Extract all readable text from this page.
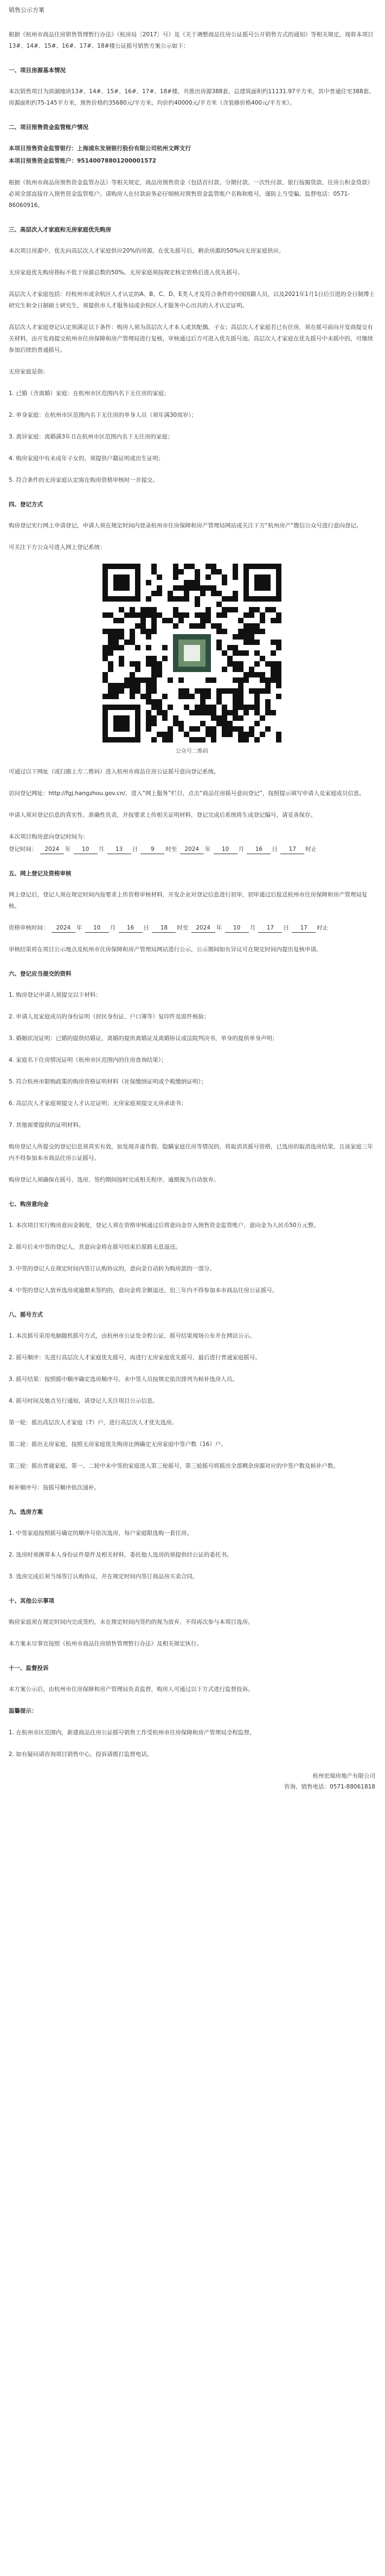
销售公示方案

根据《杭州市商品住房销售管理暂行办法》（杭房局〔2017〕号）及《关于调整商品住房公证摇号公开销售方式的通知》等相关规定，现将本项目13#、14#、15#、16#、17#、18#楼公证摇号销售方案公示如下：

一、项目房源基本情况

本次销售项目为滨湖地块13#、14#、15#、16#、17#、18#楼，共推出房源388套，总建筑面积约11131.97平方米，其中普通住宅388套。房源面积约75-145平方米，预售价格约35680元/平方米，均价约40000元/平方米（含装修价格400元/平方米）。

二、项目预售资金监管账户情况

本项目预售资金监管银行：上海浦东发展银行股份有限公司杭州文晖支行

本项目预售资金监管账户：95140078801200001572

根据《杭州市商品房预售资金监管办法》等相关规定，商品房预售资金（包括首付款、分期付款、一次性付款、银行按揭贷款、住房公积金贷款）必须全部直接存入预售资金监管账户。请购房人在付款前务必仔细核对预售资金监管账户名称和账号，谨防上当受骗。监督电话：0571-86060916。

三、高层次人才家庭和无房家庭优先购房

本次项目房源中，优先向高层次人才家庭供应20%的房源，在优先摇号后，剩余房源的50%向无房家庭供应。

无房家庭优先购房指标不低于房源总数的50%。无房家庭须按规定核定资格后进入优先摇号。

高层次人才家庭包括：经杭州市或余杭区人才认定的A、B、C、D、E类人才及符合条件的中国国籍人员，以及2021年1月1日后引进的全日制博士研究生和全日制硕士研究生，须提供市人才服务局或余杭区人才服务中心出具的人才认定证明。

高层次人才家庭登记认定须满足以下条件：购房人须为高层次人才本人或其配偶、子女；高层次人才家庭若已有住房，须在摇号前向开发商提交有关材料，由开发商提交杭州市住房保障和房产管理局进行复核，审核通过后方可进入优先摇号池。高层次人才家庭在优先摇号中未摇中的，可继续参加后续的普通摇号。

无房家庭是指：

1. 已婚（含离婚）家庭：在杭州市区范围内名下无住房的家庭；

2. 单身家庭：在杭州市区范围内名下无住房的单身人员（须年满30周岁）；

3. 离异家庭：离婚满3年且在杭州市区范围内名下无住房的家庭；

4. 购房家庭中有未成年子女的，须提供户籍证明或出生证明；

5. 符合条件的无房家庭认定需在购房资格审核时一并提交。

四、登记方式

购房登记实行网上申请登记，申请人须在规定时间内登录杭州市住房保障和房产管理局网站或关注下方“杭州房产”微信公众号进行意向登记。

可关注下方公众号进入网上登记系统：

公众号二维码

可通过以下网址（或扫描上方二维码）进入杭州市商品住房公证摇号意向登记系统。

访问登记网址：http://fgj.hangzhou.gov.cn/，进入“网上服务”栏目，点击“商品住房摇号意向登记”，按照提示填写申请人及家庭成员信息。

申请人须对登记信息的真实性、准确性负责，并按要求上传相关证明材料，登记完成后系统将生成登记编号，请妥善保存。

本次项目购房意向登记时间为：

登记时间： 2024 年 10 月 13 日 9 时至 2024 年 10 月 16 日 17 时止

五、网上登记及资格审核

网上登记后，登记人须在规定时间内按要求上传资格审核材料，开发企业对登记信息进行初审，初审通过后报送杭州市住房保障和房产管理局复核。

资格审核时间： 2024 年 10 月 16 日 18 时至 2024 年 10 月 17 日 17 时止

审核结果将在项目公示地点及杭州市住房保障和房产管理局网站进行公示，公示期间如有异议可在规定时间内提出复核申请。

六、登记应当提交的资料

1. 购房登记申请人须提交以下材料：

2. 申请人及家庭成员的身份证明（居民身份证、户口簿等）复印件及原件核验；

3. 婚姻状况证明：已婚的提供结婚证，离婚的提供离婚证及离婚协议或法院判决书，单身的提供单身声明；

4. 家庭名下住房情况证明（杭州市区范围内的住房查询结果）；

5. 符合杭州市限购政策的购房资格证明材料（社保缴纳证明或个税缴纳证明）；

6. 高层次人才家庭须提交人才认定证明；无房家庭须提交无房承诺书；

7. 其他需要提供的证明材料。

购房登记人所提交的登记信息须真实有效，如发现弄虚作假、隐瞒家庭住房等情况的，将取消其摇号资格，已选房的取消选房结果，且该家庭三年内不得参加本市商品住房公证摇号。

购房登记人须确保在摇号、选房、签约期间按时完成相关程序，逾期视为自动放弃。

七、购房意向金

1. 本次项目实行购房意向金制度，登记人须在资格审核通过后将意向金存入预售资金监管账户，意向金为人民币50万元整。

2. 摇号后未中签的登记人，其意向金将在摇号结束后原路无息退还。

3. 中签的登记人在规定时间内签订认购协议的，意向金自动转为购房款的一部分。

4. 中签的登记人放弃选房或逾期未签约的，意向金将全额退还，但三年内不得参加本市商品住房公证摇号。

八、摇号方式

1. 本次摇号采用电脑随机摇号方式，由杭州市公证处全程公证，摇号结果现场公布并在网站公示。

2. 摇号顺序：先进行高层次人才家庭优先摇号，再进行无房家庭优先摇号，最后进行普通家庭摇号。

3. 摇号结果：按照摇中顺序确定选房顺序号，未中签人员按规定依次排列为候补选房人员。

4. 摇号时间及地点另行通知，请登记人关注项目公示信息。

第一轮：摇出高层次人才家庭（7）户，进行高层次人才优先选房。

第二轮：摇出无房家庭，按照无房家庭优先购房比例确定无房家庭中签户数（16）户。

第三轮：摇出普通家庭，第一、二轮中未中签的家庭进入第三轮摇号，第三轮摇号将摇出全部剩余房源对应的中签户数及候补户数。

候补顺序号：按摇号顺序依次递补。

九、选房方案

1. 中签家庭按照摇号确定的顺序号依次选房，每户家庭限选购一套住房。

2. 选房时须携带本人身份证件原件及相关材料，委托他人选房的须提供经公证的委托书。

3. 选房完成后须当场签订认购协议，并在规定时间内签订商品房买卖合同。

十、其他公示事项

购房家庭须在规定时间内完成签约，未在规定时间内签约的视为放弃，不得再次参与本项目选房。

本方案未尽事宜按照《杭州市商品住房销售管理暂行办法》及相关规定执行。

十一、监督投诉

本方案公示后，由杭州市住房保障和房产管理局负责监督，购房人可通过以下方式进行监督投诉。

温馨提示：

1. 在杭州市区范围内，新建商品住房公证摇号销售工作受杭州市住房保障和房产管理局全程监督。

2. 如有疑问请咨询项目销售中心，投诉请拨打监督电话。

杭州宏瑞房地产有限公司
咨询、销售电话：0571-88061818
